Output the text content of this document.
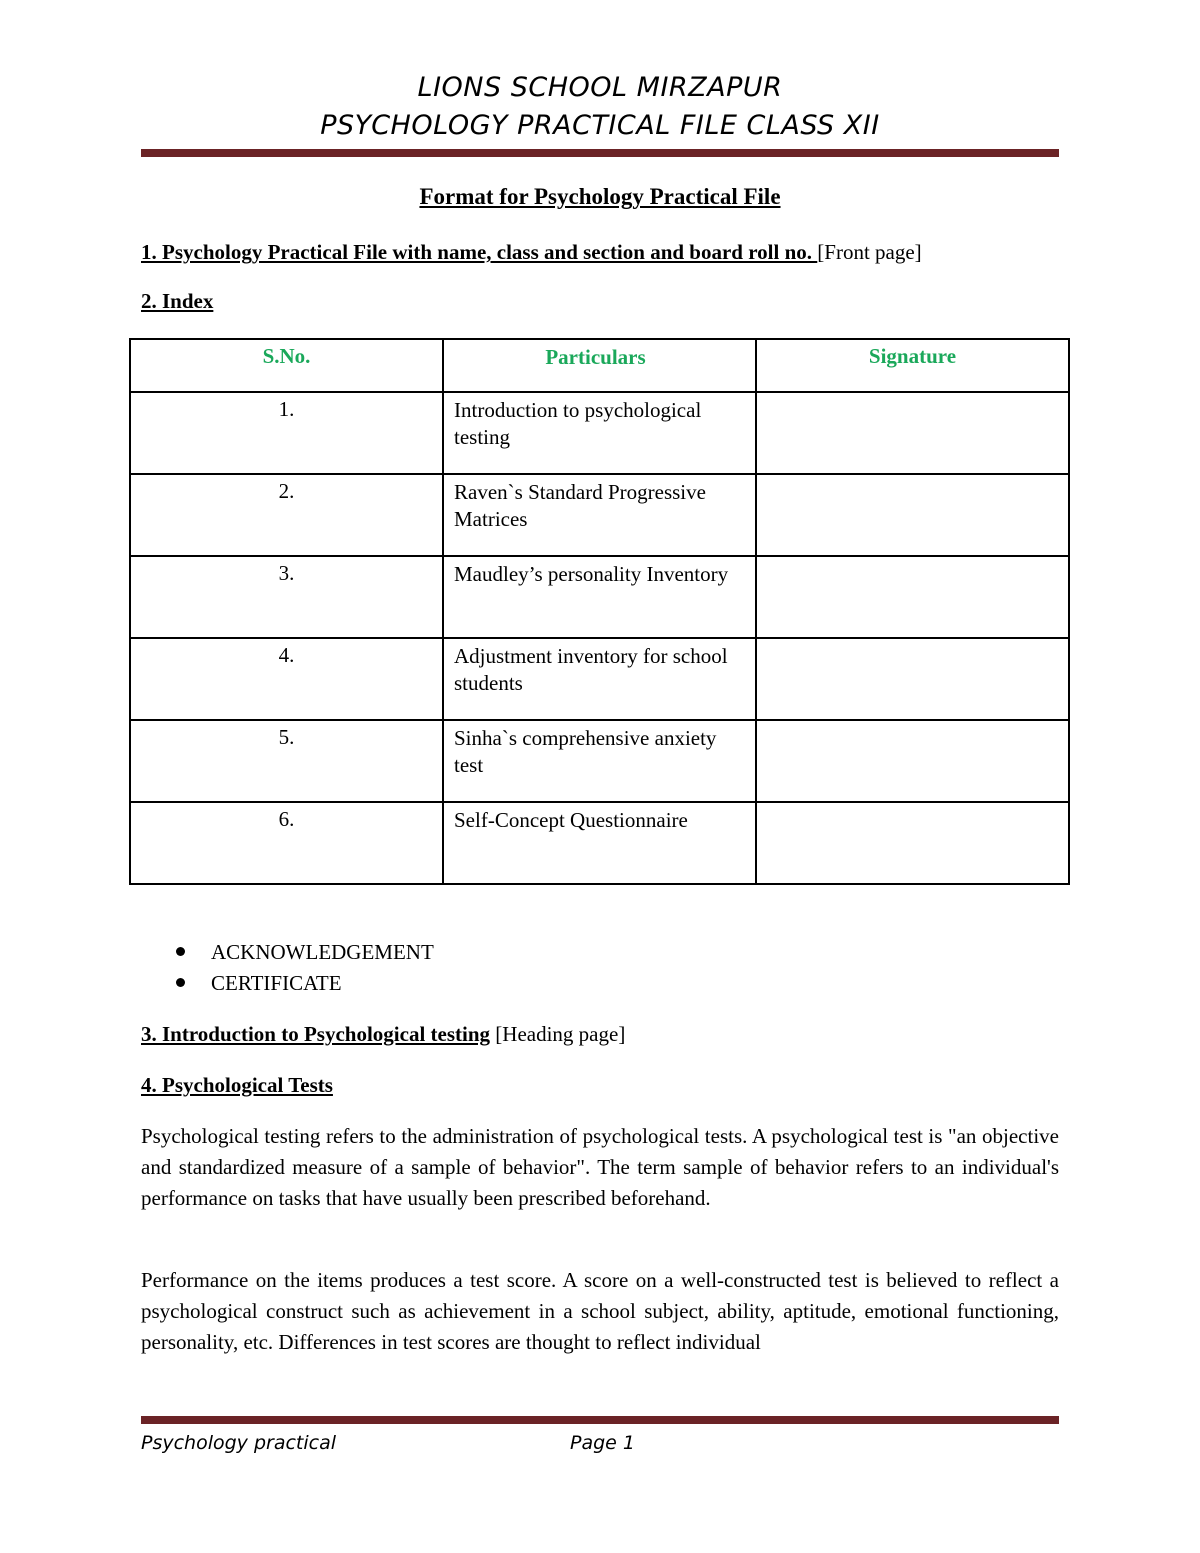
LIONS SCHOOL MIRZAPUR
PSYCHOLOGY PRACTICAL FILE CLASS XII
Format for Psychology Practical File
1. Psychology Practical File with name, class and section and board roll no. [Front page]
2. Index
S.No.	Particulars	Signature
1.	Introduction to psychological testing	
2.	Raven`s Standard Progressive Matrices	
3.	Maudley’s personality Inventory	
4.	Adjustment inventory for school students	
5.	Sinha`s comprehensive anxiety test	
6.	Self-Concept Questionnaire	
ACKNOWLEDGEMENT
CERTIFICATE
3. Introduction to Psychological testing [Heading page]
4. Psychological Tests
Psychological testing refers to the administration of psychological tests. A psychological test is "an objective and standardized measure of a sample of behavior". The term sample of behavior refers to an individual's performance on tasks that have usually been prescribed beforehand.
Performance on the items produces a test score. A score on a well-constructed test is believed to reflect a psychological construct such as achievement in a school subject, ability, aptitude, emotional functioning, personality, etc. Differences in test scores are thought to reflect individual
Psychology practical	Page 1
